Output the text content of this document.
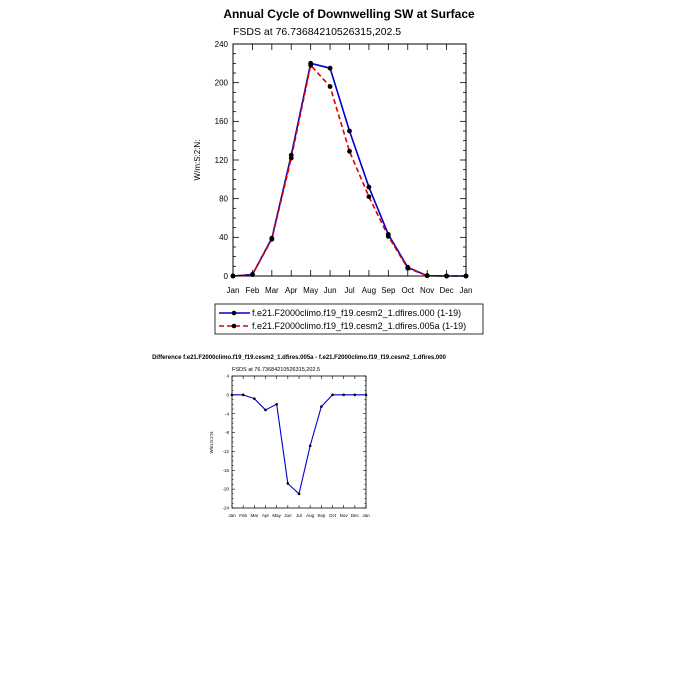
Annual Cycle of Downwelling SW at Surface
FSDS at 76.73684210526315,202.5
W/m:S:2:N:
0
40
80
120
160
200
240
Jan Feb Mar Apr May Jun Jul Aug Sep Oct Nov Dec Jan
f.e21.F2000climo.f19_f19.cesm2_1.dfires.000 (1-19)
f.e21.F2000climo.f19_f19.cesm2_1.dfires.005a (1-19)
Difference f.e21.F2000climo.f19_f19.cesm2_1.dfires.005a - f.e21.F2000climo.f19_f19.cesm2_1.dfires.000
FSDS at 76.73684210526315,202.5
W/m:S:2:N:
-24
-20
-16
-12
-8
-4
0
4
Jan Feb Mar Apr May Jun Jul Aug Sep Oct Nov Dec Jan
